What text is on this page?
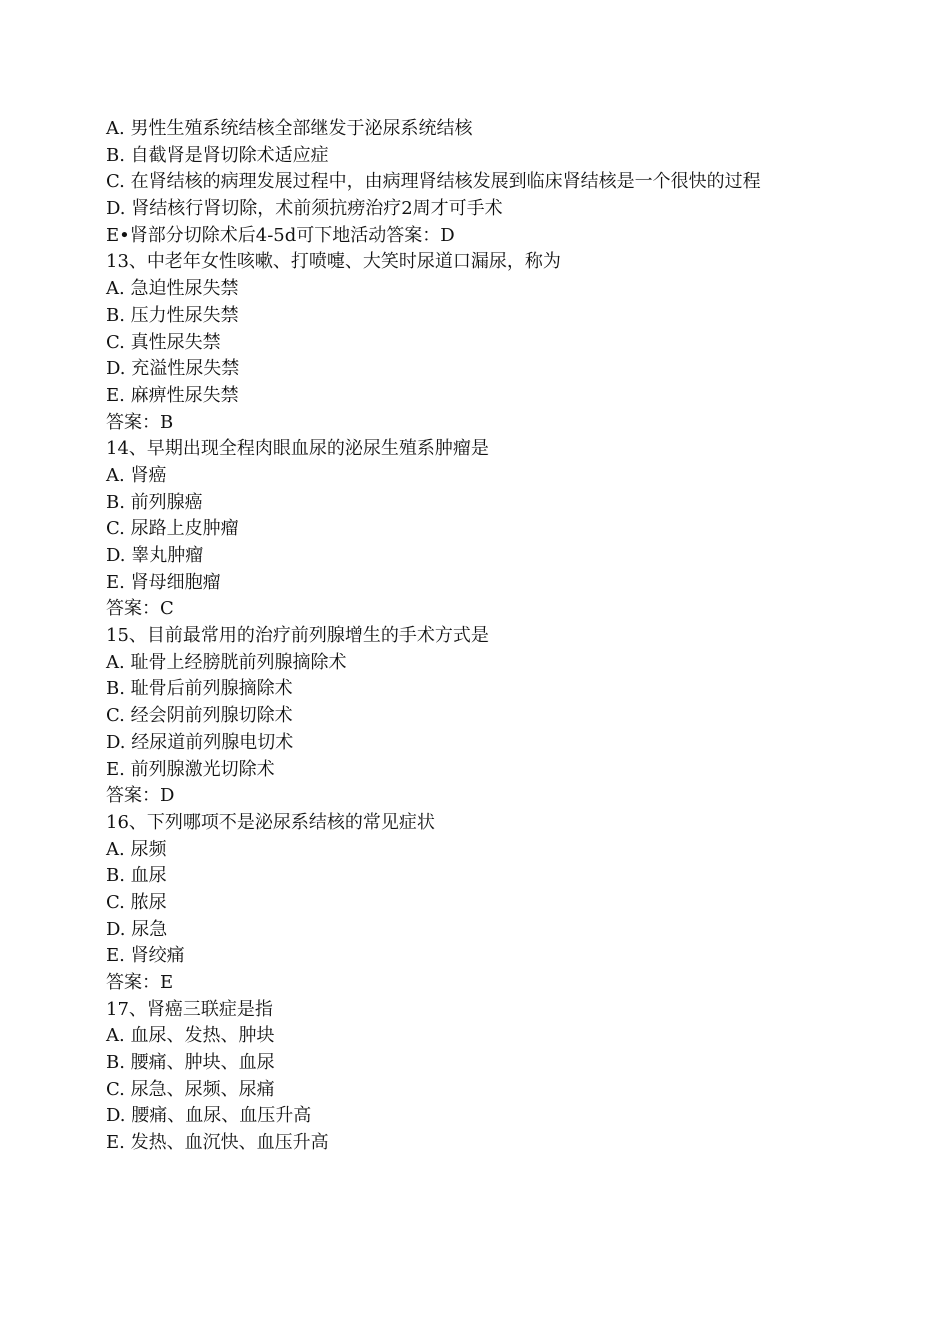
A. 男性生殖系统结核全部继发于泌尿系统结核
B. 自截肾是肾切除术适应症
C. 在肾结核的病理发展过程中，由病理肾结核发展到临床肾结核是一个很快的过程
D. 肾结核行肾切除，术前须抗痨治疗2周才可手术
E•肾部分切除术后4-5d可下地活动答案：D
13、中老年女性咳嗽、打喷嚏、大笑时尿道口漏尿，称为
A. 急迫性尿失禁
B. 压力性尿失禁
C. 真性尿失禁
D. 充溢性尿失禁
E. 麻痹性尿失禁
答案：B
14、早期出现全程肉眼血尿的泌尿生殖系肿瘤是
A. 肾癌
B. 前列腺癌
C. 尿路上皮肿瘤
D. 睾丸肿瘤
E. 肾母细胞瘤
答案：C
15、目前最常用的治疗前列腺增生的手术方式是
A. 耻骨上经膀胱前列腺摘除术
B. 耻骨后前列腺摘除术
C. 经会阴前列腺切除术
D. 经尿道前列腺电切术
E. 前列腺激光切除术
答案：D
16、下列哪项不是泌尿系结核的常见症状
A. 尿频
B. 血尿
C. 脓尿
D. 尿急
E. 肾绞痛
答案：E
17、肾癌三联症是指
A. 血尿、发热、肿块
B. 腰痛、肿块、血尿
C. 尿急、尿频、尿痛
D. 腰痛、血尿、血压升高
E. 发热、血沉快、血压升高
